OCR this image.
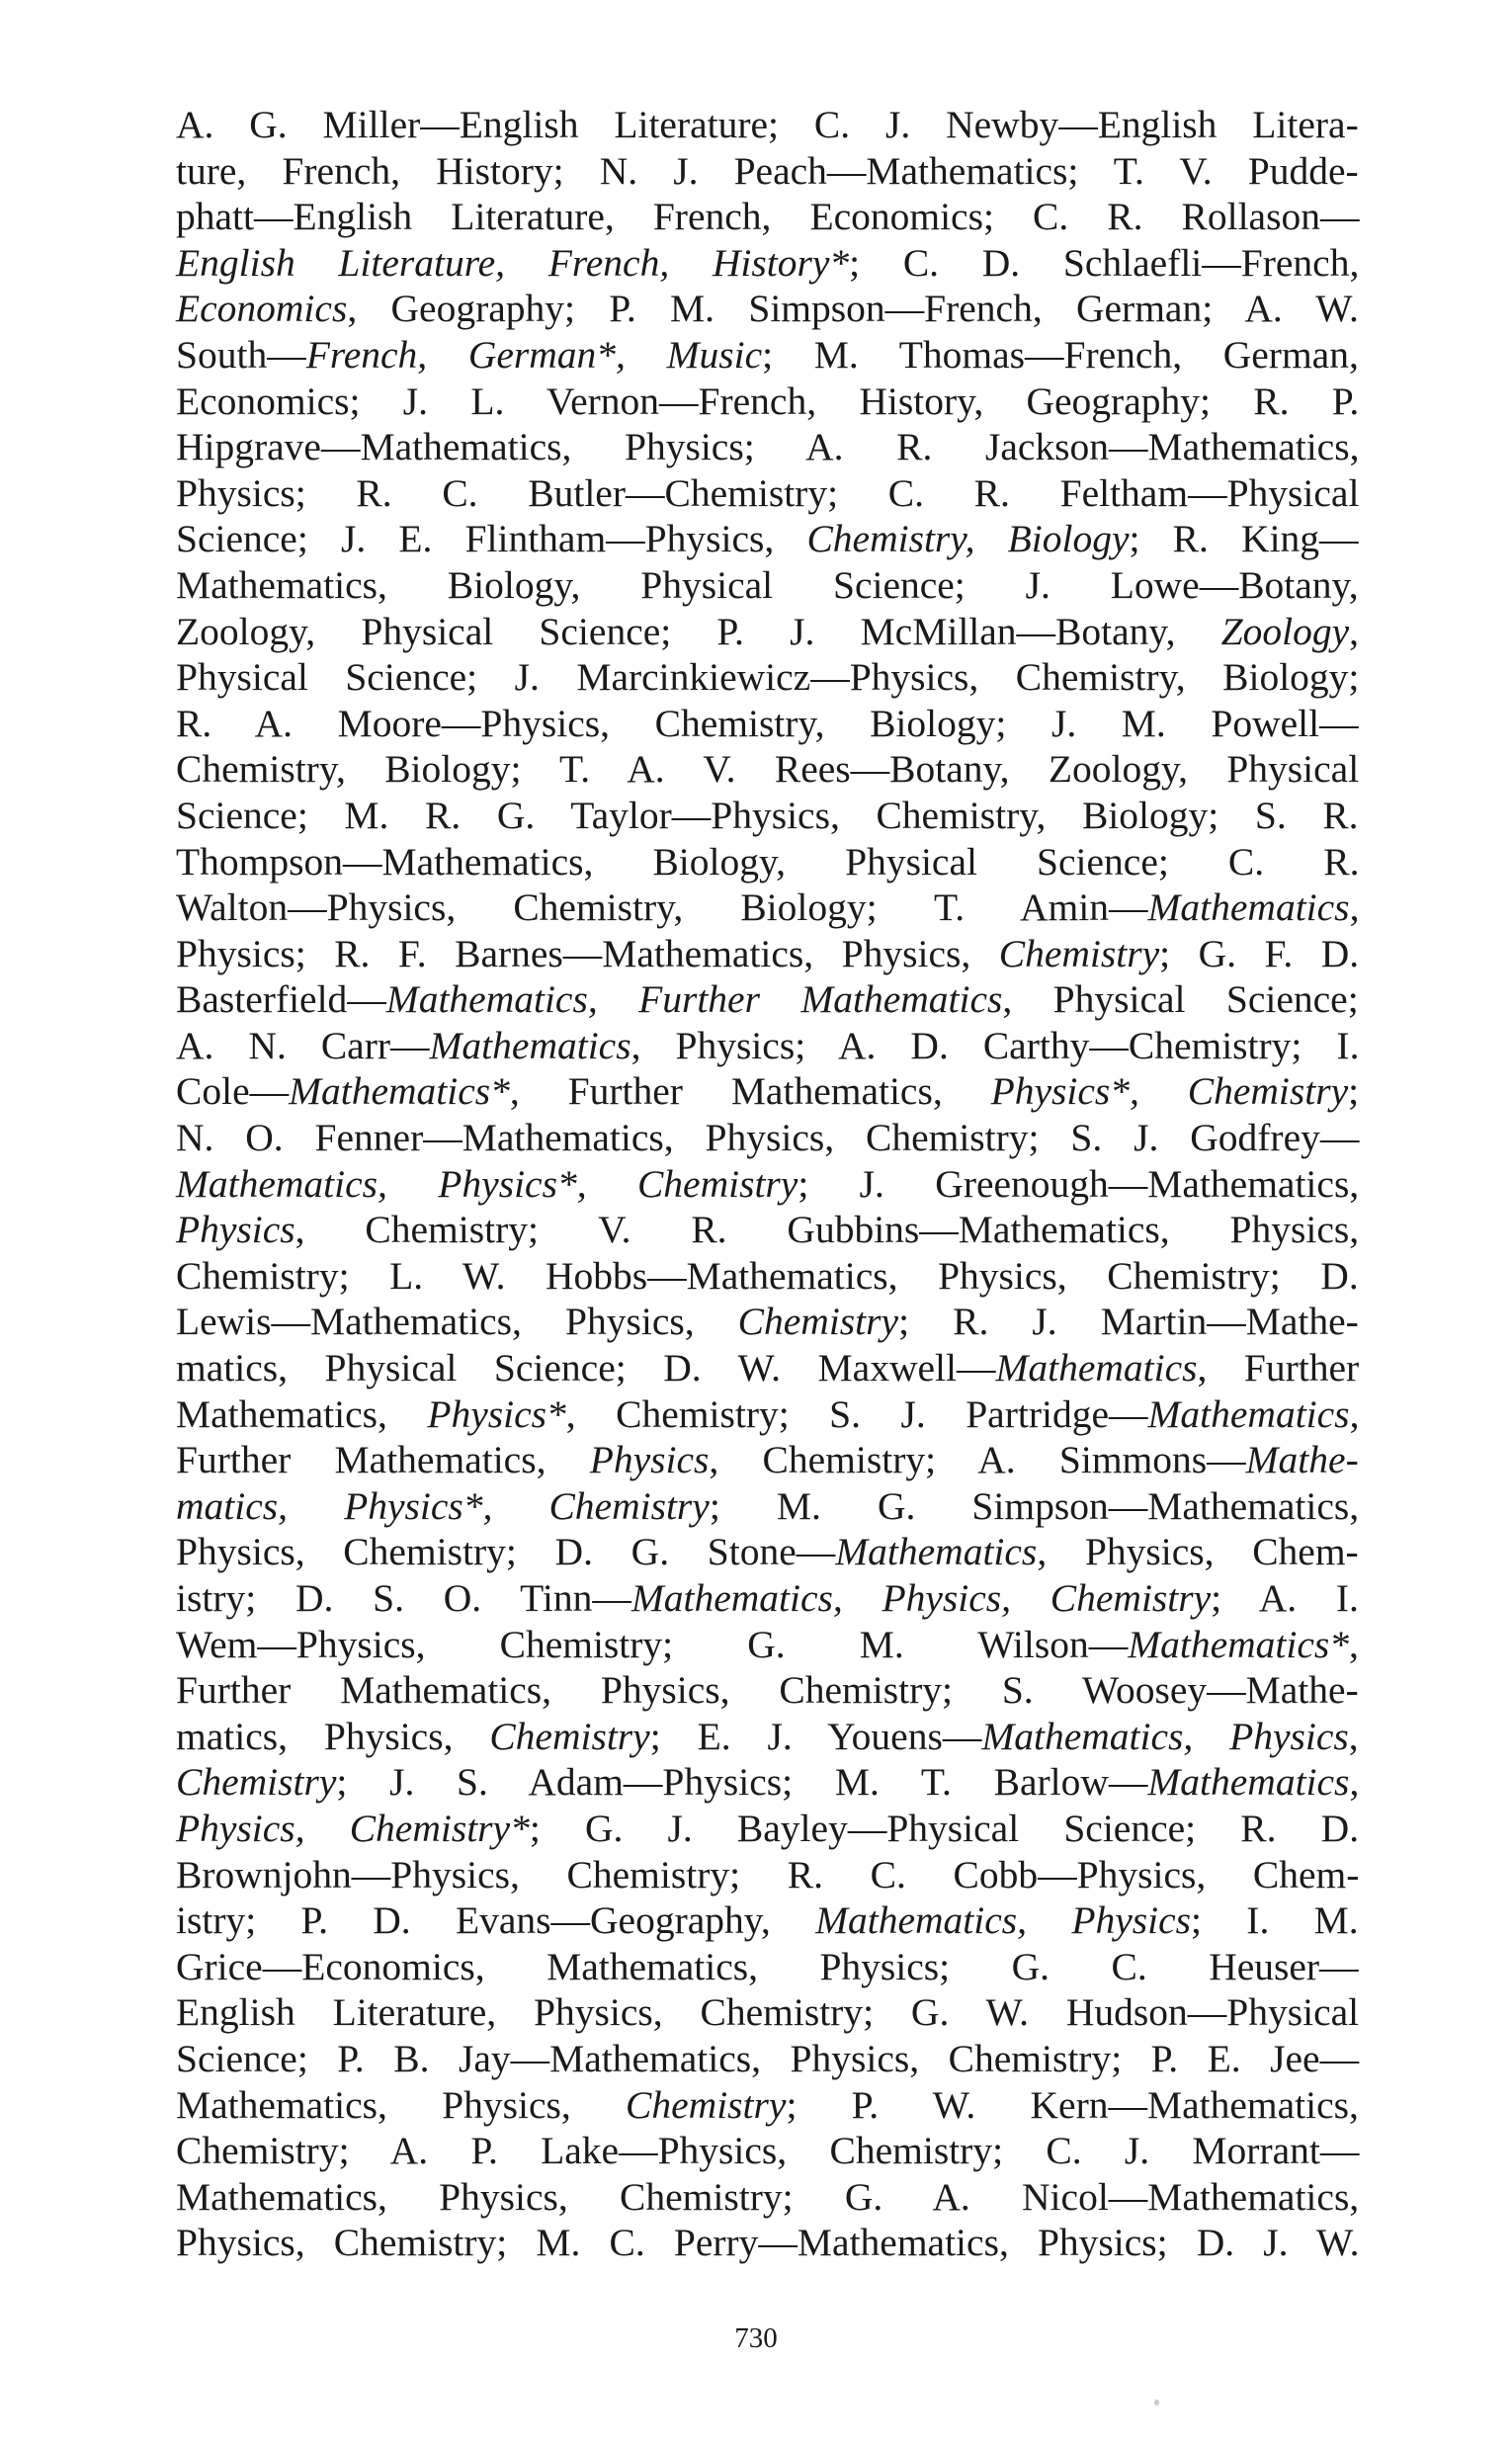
A. G. Miller—English Literature; C. J. Newby—English Litera-
ture, French, History; N. J. Peach—Mathematics; T. V. Pudde-
phatt—English Literature, French, Economics; C. R. Rollason—
English Literature, French, History*; C. D. Schlaefli—French,
Economics, Geography; P. M. Simpson—French, German; A. W.
South—French, German*, Music; M. Thomas—French, German,
Economics; J. L. Vernon—French, History, Geography; R. P.
Hipgrave—Mathematics, Physics; A. R. Jackson—Mathematics,
Physics; R. C. Butler—Chemistry; C. R. Feltham—Physical
Science; J. E. Flintham—Physics, Chemistry, Biology; R. King—
Mathematics, Biology, Physical Science; J. Lowe—Botany,
Zoology, Physical Science; P. J. McMillan—Botany, Zoology,
Physical Science; J. Marcinkiewicz—Physics, Chemistry, Biology;
R. A. Moore—Physics, Chemistry, Biology; J. M. Powell—
Chemistry, Biology; T. A. V. Rees—Botany, Zoology, Physical
Science; M. R. G. Taylor—Physics, Chemistry, Biology; S. R.
Thompson—Mathematics, Biology, Physical Science; C. R.
Walton—Physics, Chemistry, Biology; T. Amin—Mathematics,
Physics; R. F. Barnes—Mathematics, Physics, Chemistry; G. F. D.
Basterfield—Mathematics, Further Mathematics, Physical Science;
A. N. Carr—Mathematics, Physics; A. D. Carthy—Chemistry; I.
Cole—Mathematics*, Further Mathematics, Physics*, Chemistry;
N. O. Fenner—Mathematics, Physics, Chemistry; S. J. Godfrey—
Mathematics, Physics*, Chemistry; J. Greenough—Mathematics,
Physics, Chemistry; V. R. Gubbins—Mathematics, Physics,
Chemistry; L. W. Hobbs—Mathematics, Physics, Chemistry; D.
Lewis—Mathematics, Physics, Chemistry; R. J. Martin—Mathe-
matics, Physical Science; D. W. Maxwell—Mathematics, Further
Mathematics, Physics*, Chemistry; S. J. Partridge—Mathematics,
Further Mathematics, Physics, Chemistry; A. Simmons—Mathe-
matics, Physics*, Chemistry; M. G. Simpson—Mathematics,
Physics, Chemistry; D. G. Stone—Mathematics, Physics, Chem-
istry; D. S. O. Tinn—Mathematics, Physics, Chemistry; A. I.
Wem—Physics, Chemistry; G. M. Wilson—Mathematics*,
Further Mathematics, Physics, Chemistry; S. Woosey—Mathe-
matics, Physics, Chemistry; E. J. Youens—Mathematics, Physics,
Chemistry; J. S. Adam—Physics; M. T. Barlow—Mathematics,
Physics, Chemistry*; G. J. Bayley—Physical Science; R. D.
Brownjohn—Physics, Chemistry; R. C. Cobb—Physics, Chem-
istry; P. D. Evans—Geography, Mathematics, Physics; I. M.
Grice—Economics, Mathematics, Physics; G. C. Heuser—
English Literature, Physics, Chemistry; G. W. Hudson—Physical
Science; P. B. Jay—Mathematics, Physics, Chemistry; P. E. Jee—
Mathematics, Physics, Chemistry; P. W. Kern—Mathematics,
Chemistry; A. P. Lake—Physics, Chemistry; C. J. Morrant—
Mathematics, Physics, Chemistry; G. A. Nicol—Mathematics,
Physics, Chemistry; M. C. Perry—Mathematics, Physics; D. J. W.
730
